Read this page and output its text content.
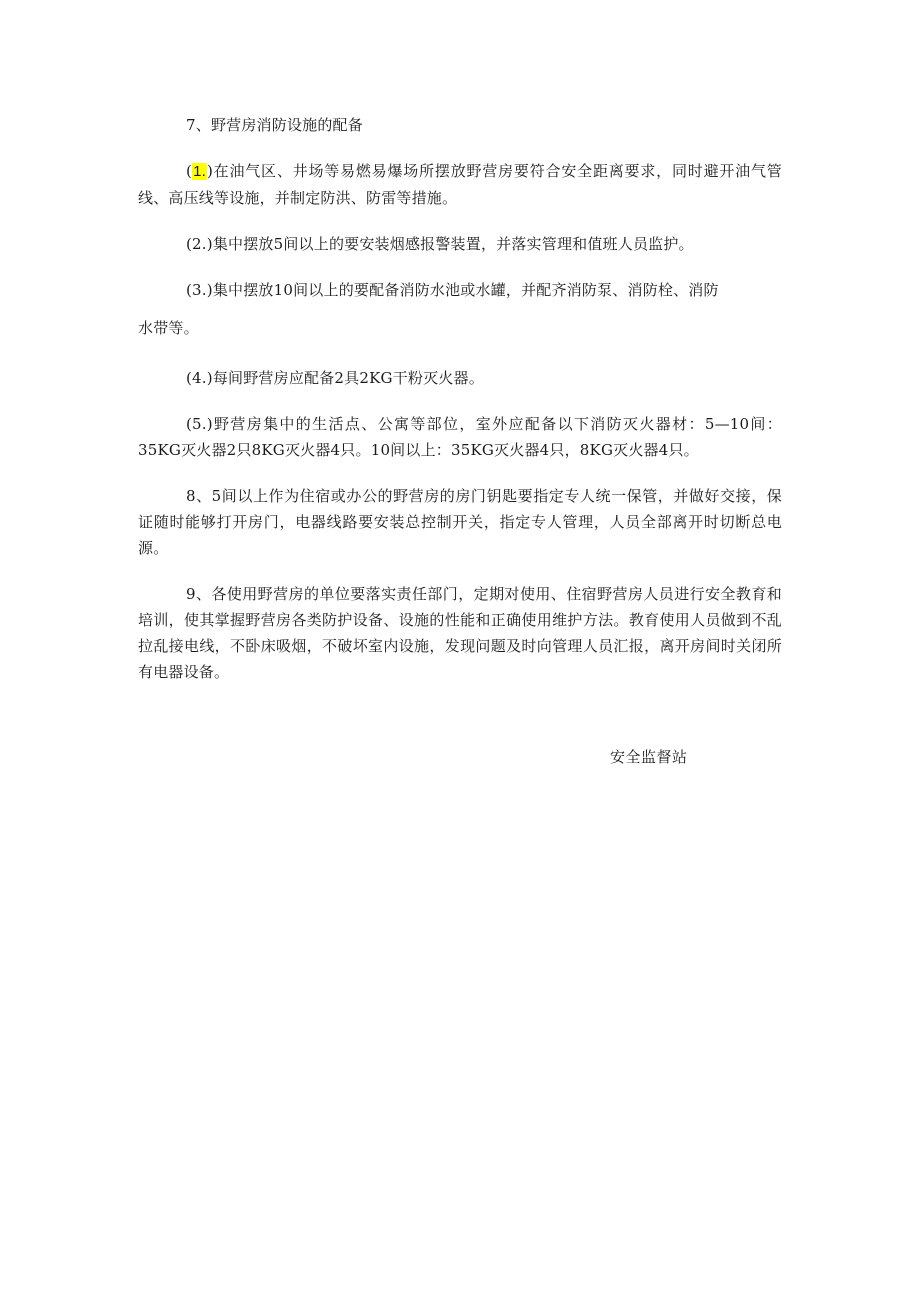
7、野营房消防设施的配备

(1.)在油气区、井场等易燃易爆场所摆放野营房要符合安全距离要求，同时避开油气管线、高压线等设施，并制定防洪、防雷等措施。

(2.)集中摆放5间以上的要安装烟感报警装置，并落实管理和值班人员监护。

(3.)集中摆放10间以上的要配备消防水池或水罐，并配齐消防泵、消防栓、消防

水带等。

(4.)每间野营房应配备2具2KG干粉灭火器。

(5.)野营房集中的生活点、公寓等部位，室外应配备以下消防灭火器材：5—10间：35KG灭火器2只8KG灭火器4只。10间以上：35KG灭火器4只，8KG灭火器4只。

8、5间以上作为住宿或办公的野营房的房门钥匙要指定专人统一保管，并做好交接，保证随时能够打开房门，电器线路要安装总控制开关，指定专人管理，人员全部离开时切断总电源。

9、各使用野营房的单位要落实责任部门，定期对使用、住宿野营房人员进行安全教育和培训，使其掌握野营房各类防护设备、设施的性能和正确使用维护方法。教育使用人员做到不乱拉乱接电线，不卧床吸烟，不破坏室内设施，发现问题及时向管理人员汇报，离开房间时关闭所有电器设备。

安全监督站
